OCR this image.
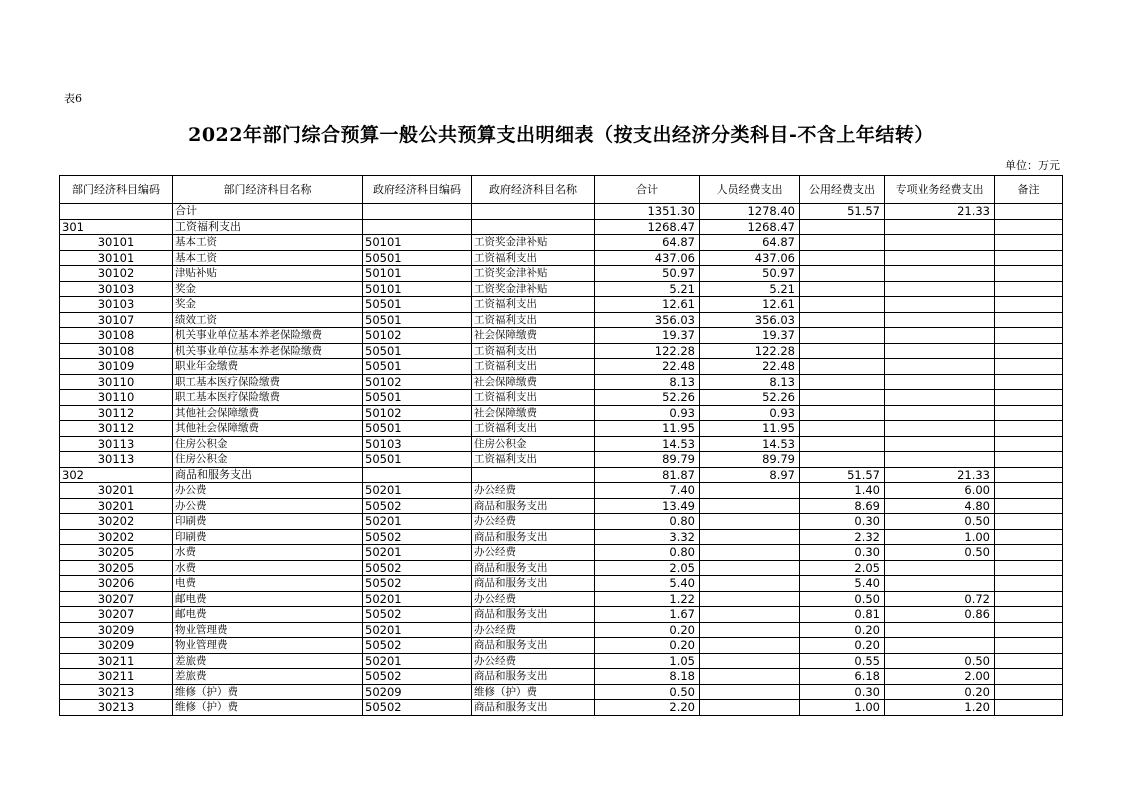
表6
2022年部门综合预算一般公共预算支出明细表（按支出经济分类科目-不含上年结转）
单位：万元
部门经济科目编码	部门经济科目名称	政府经济科目编码	政府经济科目名称	合计	人员经费支出	公用经费支出	专项业务经费支出	备注
	合计			1351.30	1278.40	51.57	21.33	
301	工资福利支出			1268.47	1268.47			
30101	基本工资	50101	工资奖金津补贴	64.87	64.87			
30101	基本工资	50501	工资福利支出	437.06	437.06			
30102	津贴补贴	50101	工资奖金津补贴	50.97	50.97			
30103	奖金	50101	工资奖金津补贴	5.21	5.21			
30103	奖金	50501	工资福利支出	12.61	12.61			
30107	绩效工资	50501	工资福利支出	356.03	356.03			
30108	机关事业单位基本养老保险缴费	50102	社会保障缴费	19.37	19.37			
30108	机关事业单位基本养老保险缴费	50501	工资福利支出	122.28	122.28			
30109	职业年金缴费	50501	工资福利支出	22.48	22.48			
30110	职工基本医疗保险缴费	50102	社会保障缴费	8.13	8.13			
30110	职工基本医疗保险缴费	50501	工资福利支出	52.26	52.26			
30112	其他社会保障缴费	50102	社会保障缴费	0.93	0.93			
30112	其他社会保障缴费	50501	工资福利支出	11.95	11.95			
30113	住房公积金	50103	住房公积金	14.53	14.53			
30113	住房公积金	50501	工资福利支出	89.79	89.79			
302	商品和服务支出			81.87	8.97	51.57	21.33	
30201	办公费	50201	办公经费	7.40		1.40	6.00	
30201	办公费	50502	商品和服务支出	13.49		8.69	4.80	
30202	印刷费	50201	办公经费	0.80		0.30	0.50	
30202	印刷费	50502	商品和服务支出	3.32		2.32	1.00	
30205	水费	50201	办公经费	0.80		0.30	0.50	
30205	水费	50502	商品和服务支出	2.05		2.05		
30206	电费	50502	商品和服务支出	5.40		5.40		
30207	邮电费	50201	办公经费	1.22		0.50	0.72	
30207	邮电费	50502	商品和服务支出	1.67		0.81	0.86	
30209	物业管理费	50201	办公经费	0.20		0.20		
30209	物业管理费	50502	商品和服务支出	0.20		0.20		
30211	差旅费	50201	办公经费	1.05		0.55	0.50	
30211	差旅费	50502	商品和服务支出	8.18		6.18	2.00	
30213	维修（护）费	50209	维修（护）费	0.50		0.30	0.20	
30213	维修（护）费	50502	商品和服务支出	2.20		1.00	1.20	
